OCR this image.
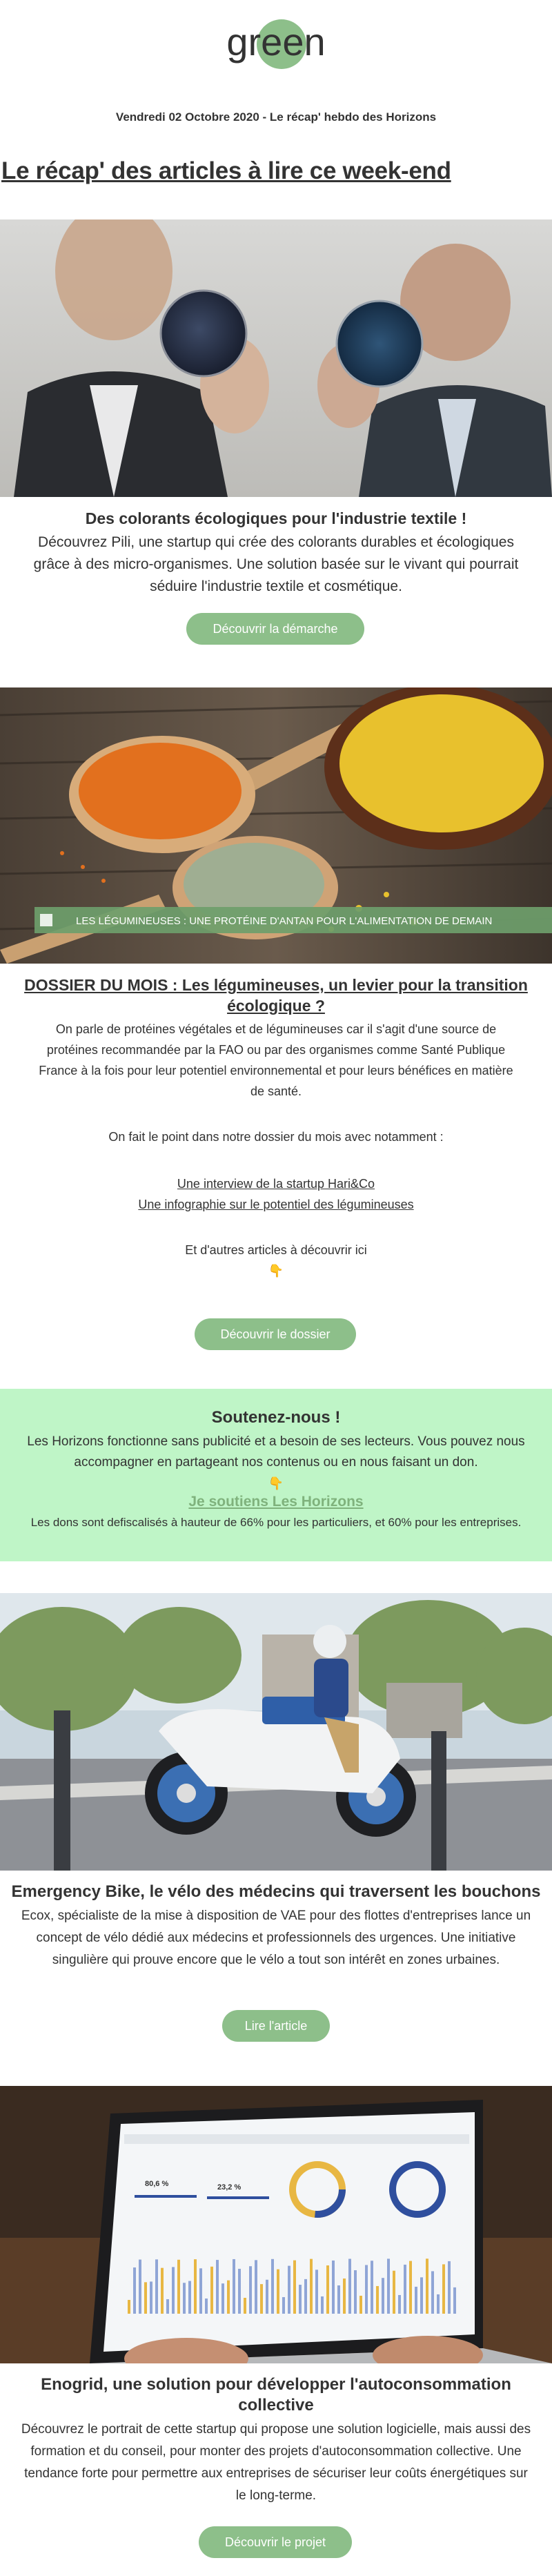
green
Vendredi 02 Octobre 2020 - Le récap' hebdo des Horizons
Le récap' des articles à lire ce week-end
Des colorants écologiques pour l'industrie textile !
Découvrez Pili, une startup qui crée des colorants durables et écologiques
grâce à des micro-organismes. Une solution basée sur le vivant qui pourrait
séduire l'industrie textile et cosmétique.
Découvrir la démarche
LES LÉGUMINEUSES : UNE PROTÉINE D'ANTAN POUR L'ALIMENTATION DE DEMAIN
DOSSIER DU MOIS : Les légumineuses, un levier pour la transition
écologique ?
On parle de protéines végétales et de légumineuses car il s'agit d'une source de
protéines recommandée par la FAO ou par des organismes comme Santé Publique
France à la fois pour leur potentiel environnemental et pour leurs bénéfices en matière
de santé.
On fait le point dans notre dossier du mois avec notamment :
Une interview de la startup Hari&Co
Une infographie sur le potentiel des légumineuses
Et d'autres articles à découvrir ici
👇
Découvrir le dossier
Soutenez-nous !
Les Horizons fonctionne sans publicité et a besoin de ses lecteurs. Vous pouvez nous
accompagner en partageant nos contenus ou en nous faisant un don.
👇
Je soutiens Les Horizons
Les dons sont defiscalisés à hauteur de 66% pour les particuliers, et 60% pour les entreprises.
Emergency Bike, le vélo des médecins qui traversent les bouchons
Ecox, spécialiste de la mise à disposition de VAE pour des flottes d'entreprises lance un
concept de vélo dédié aux médecins et professionnels des urgences. Une initiative
singulière qui prouve encore que le vélo a tout son intérêt en zones urbaines.
Lire l'article
80,6 %	23,2 %
Enogrid, une solution pour développer l'autoconsommation collective
Découvrez le portrait de cette startup qui propose une solution logicielle, mais aussi des
formation et du conseil, pour monter des projets d'autoconsommation collective. Une
tendance forte pour permettre aux entreprises de sécuriser leur coûts énergétiques sur
le long-terme.
Découvrir le projet
